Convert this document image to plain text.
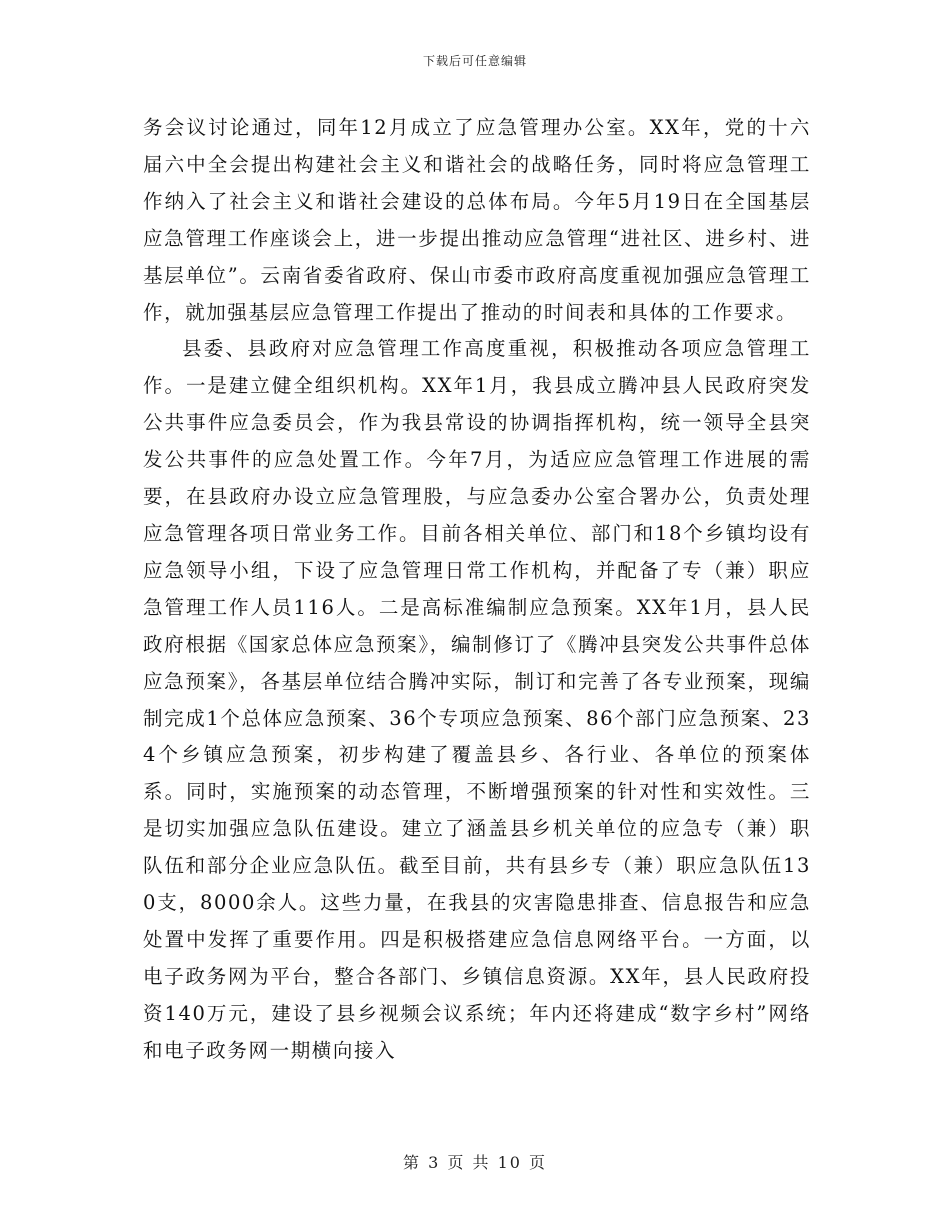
下载后可任意编辑

务会议讨论通过，同年12月成立了应急管理办公室。XX年，党的十六届六中全会提出构建社会主义和谐社会的战略任务，同时将应急管理工作纳入了社会主义和谐社会建设的总体布局。今年5月19日在全国基层应急管理工作座谈会上，进一步提出推动应急管理“进社区、进乡村、进基层单位”。云南省委省政府、保山市委市政府高度重视加强应急管理工作，就加强基层应急管理工作提出了推动的时间表和具体的工作要求。

县委、县政府对应急管理工作高度重视，积极推动各项应急管理工作。一是建立健全组织机构。XX年1月，我县成立腾冲县人民政府突发公共事件应急委员会，作为我县常设的协调指挥机构，统一领导全县突发公共事件的应急处置工作。今年7月，为适应应急管理工作进展的需要，在县政府办设立应急管理股，与应急委办公室合署办公，负责处理应急管理各项日常业务工作。目前各相关单位、部门和18个乡镇均设有应急领导小组，下设了应急管理日常工作机构，并配备了专（兼）职应急管理工作人员116人。二是高标准编制应急预案。XX年1月，县人民政府根据《国家总体应急预案》，编制修订了《腾冲县突发公共事件总体应急预案》，各基层单位结合腾冲实际，制订和完善了各专业预案，现编制完成1个总体应急预案、36个专项应急预案、86个部门应急预案、234个乡镇应急预案，初步构建了覆盖县乡、各行业、各单位的预案体系。同时，实施预案的动态管理，不断增强预案的针对性和实效性。三是切实加强应急队伍建设。建立了涵盖县乡机关单位的应急专（兼）职队伍和部分企业应急队伍。截至目前，共有县乡专（兼）职应急队伍130支，8000余人。这些力量，在我县的灾害隐患排查、信息报告和应急处置中发挥了重要作用。四是积极搭建应急信息网络平台。一方面，以电子政务网为平台，整合各部门、乡镇信息资源。XX年，县人民政府投资140万元，建设了县乡视频会议系统；年内还将建成“数字乡村”网络和电子政务网一期横向接入

第 3 页 共 10 页
